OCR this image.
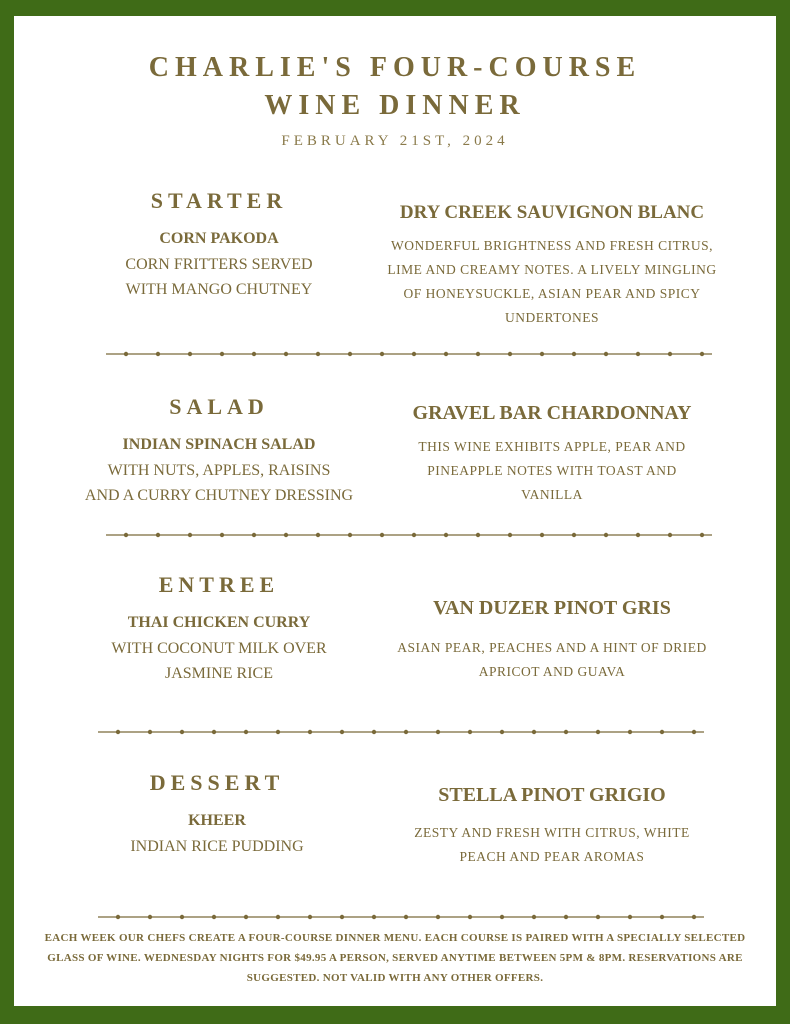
CHARLIE'S FOUR-COURSE
WINE DINNER
FEBRUARY 21ST, 2024
STARTER
CORN PAKODA
CORN FRITTERS SERVED
WITH MANGO CHUTNEY
DRY CREEK SAUVIGNON BLANC
WONDERFUL BRIGHTNESS AND FRESH CITRUS, LIME AND CREAMY NOTES. A LIVELY MINGLING OF HONEYSUCKLE, ASIAN PEAR AND SPICY UNDERTONES
SALAD
INDIAN SPINACH SALAD
WITH NUTS, APPLES, RAISINS
AND A CURRY CHUTNEY DRESSING
GRAVEL BAR CHARDONNAY
THIS WINE EXHIBITS APPLE, PEAR AND PINEAPPLE NOTES WITH TOAST AND VANILLA
ENTREE
THAI CHICKEN CURRY
WITH COCONUT MILK OVER
JASMINE RICE
VAN DUZER PINOT GRIS
ASIAN PEAR, PEACHES AND A HINT OF DRIED APRICOT AND GUAVA
DESSERT
KHEER
INDIAN RICE PUDDING
STELLA PINOT GRIGIO
ZESTY AND FRESH WITH CITRUS, WHITE PEACH AND PEAR AROMAS
EACH WEEK OUR CHEFS CREATE A FOUR-COURSE DINNER MENU. EACH COURSE IS PAIRED WITH A SPECIALLY SELECTED GLASS OF WINE. WEDNESDAY NIGHTS FOR $49.95 A PERSON, SERVED ANYTIME BETWEEN 5PM & 8PM. RESERVATIONS ARE SUGGESTED. NOT VALID WITH ANY OTHER OFFERS.
